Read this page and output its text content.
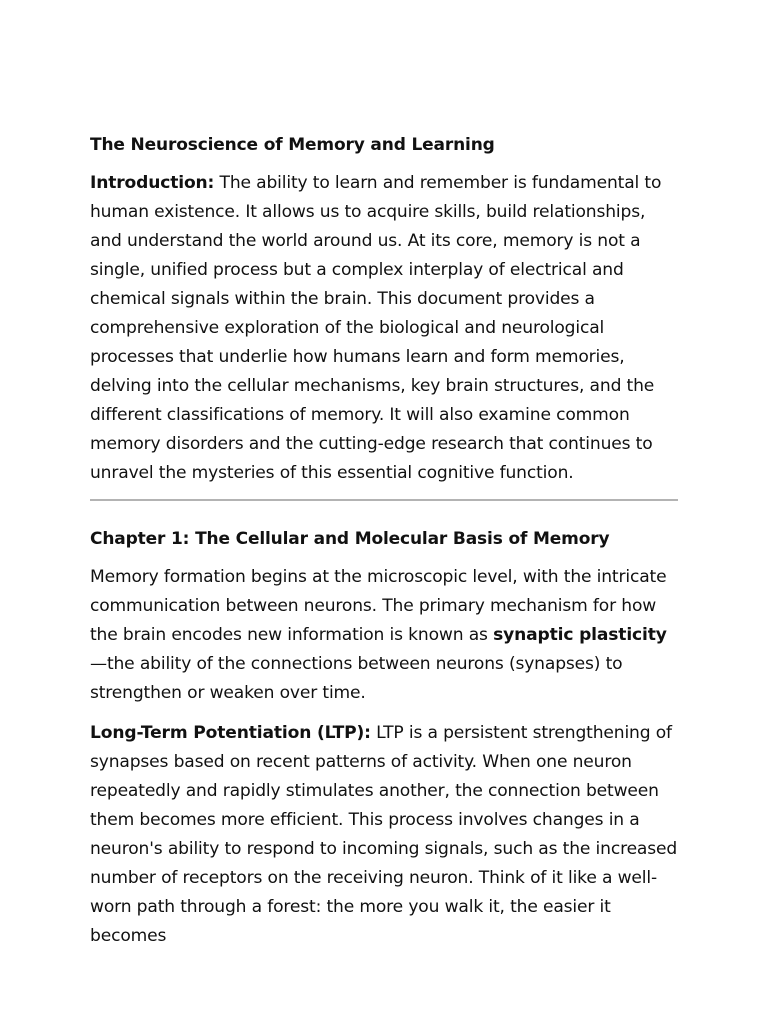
The Neuroscience of Memory and Learning

Introduction: The ability to learn and remember is fundamental to human existence. It allows us to acquire skills, build relationships, and understand the world around us. At its core, memory is not a single, unified process but a complex interplay of electrical and chemical signals within the brain. This document provides a comprehensive exploration of the biological and neurological processes that underlie how humans learn and form memories, delving into the cellular mechanisms, key brain structures, and the different classifications of memory. It will also examine common memory disorders and the cutting-edge research that continues to unravel the mysteries of this essential cognitive function.

Chapter 1: The Cellular and Molecular Basis of Memory

Memory formation begins at the microscopic level, with the intricate communication between neurons. The primary mechanism for how the brain encodes new information is known as synaptic plasticity—the ability of the connections between neurons (synapses) to strengthen or weaken over time.

Long-Term Potentiation (LTP): LTP is a persistent strengthening of synapses based on recent patterns of activity. When one neuron repeatedly and rapidly stimulates another, the connection between them becomes more efficient. This process involves changes in a neuron's ability to respond to incoming signals, such as the increased number of receptors on the receiving neuron. Think of it like a well-worn path through a forest: the more you walk it, the easier it becomes
